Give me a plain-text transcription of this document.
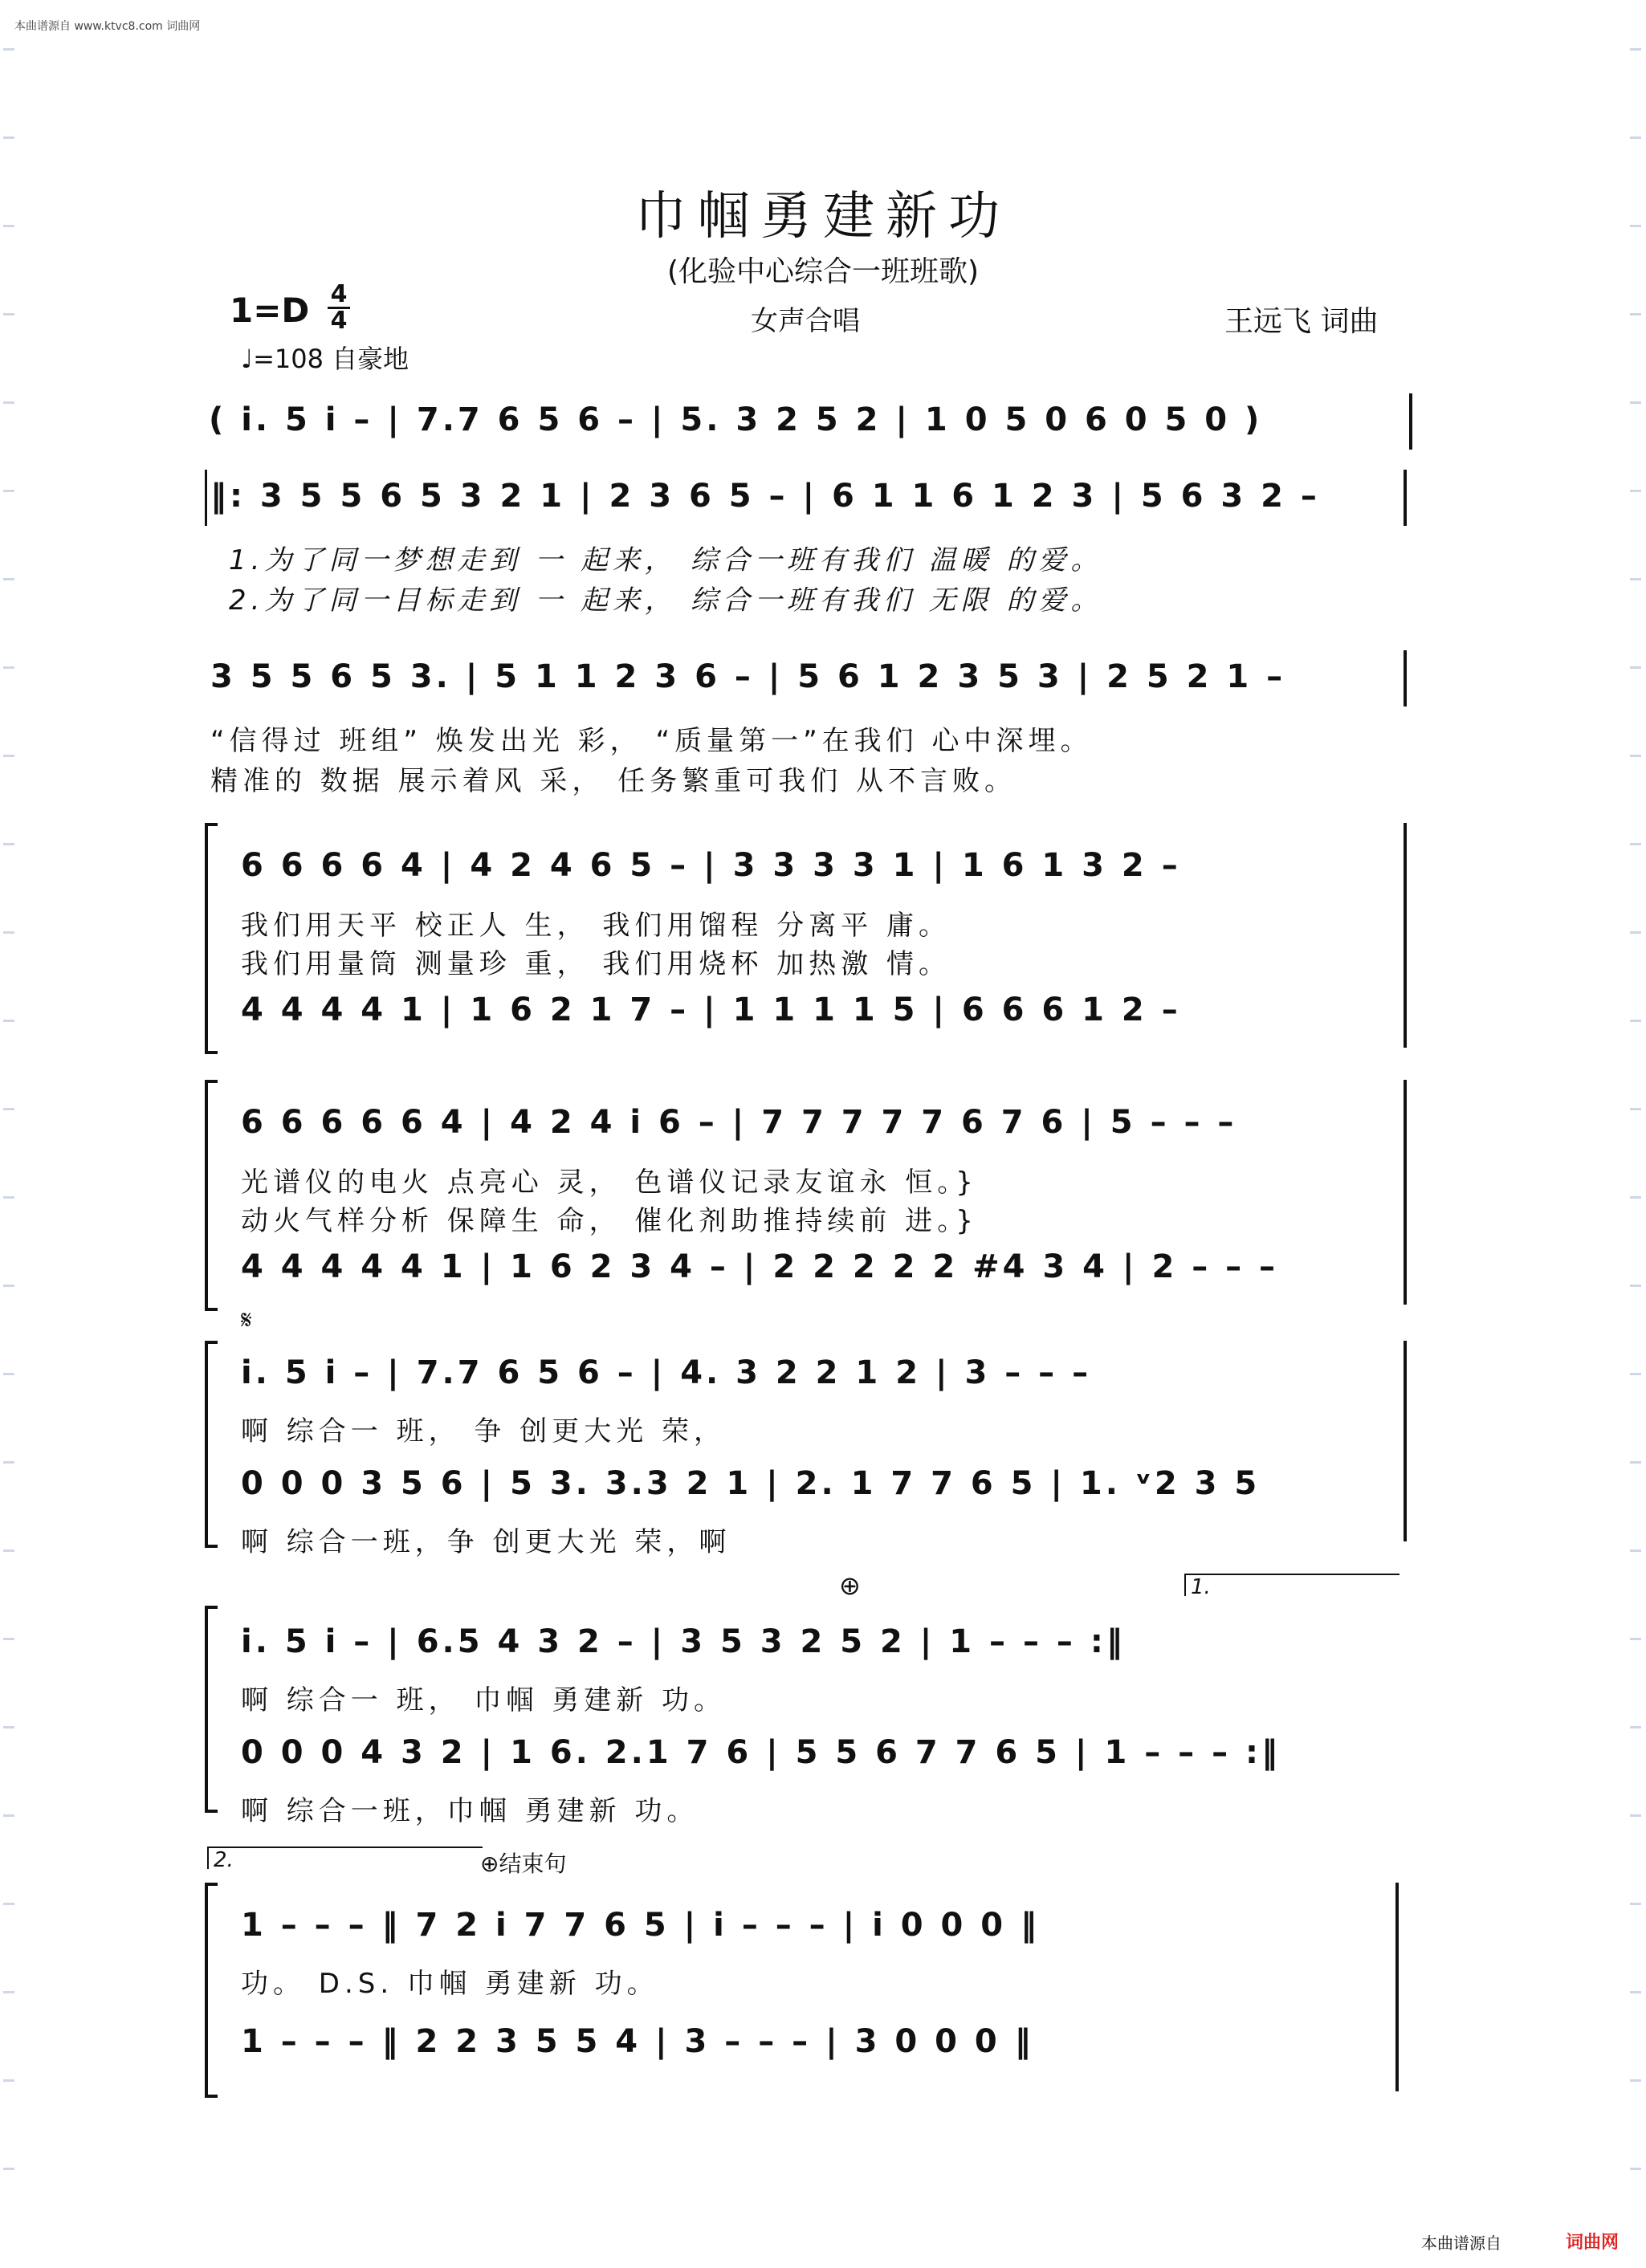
本曲谱源自 www.ktvc8.com 词曲网
巾帼勇建新功
(化验中心综合一班班歌)
1=D 4
4
♩=108 自豪地
女声合唱	王远飞 词曲
( i. 5 i – | 7.7 6 5 6 – | 5. 3 2 5 2 | 1 0 5 0 6 0 5 0 )
‖: 3 5 5 6 5 3 2 1 | 2 3 6 5 – | 6 1 1 6 1 2 3 | 5 6 3 2 –
1.为了同一梦想走到 一 起来， 综合一班有我们 温暖 的爱。
2.为了同一目标走到 一 起来， 综合一班有我们 无限 的爱。
3 5 5 6 5 3. | 5 1 1 2 3 6 – | 5 6 1 2 3 5 3 | 2 5 2 1 –
“信得过 班组” 焕发出光 彩， “质量第一”在我们 心中深埋。
精准的 数据 展示着风 采， 任务繁重可我们 从不言败。
6 6 6 6 4 | 4 2 4 6 5 – | 3 3 3 3 1 | 1 6 1 3 2 –
我们用天平 校正人 生， 我们用馏程 分离平 庸。
我们用量筒 测量珍 重， 我们用烧杯 加热激 情。
4 4 4 4 1 | 1 6 2 1 7 – | 1 1 1 1 5 | 6 6 6 1 2 –
6 6 6 6 6 4 | 4 2 4 i 6 – | 7 7 7 7 7 6 7 6 | 5 – – –
光谱仪的电火 点亮心 灵， 色谱仪记录友谊永 恒。}
动火气样分析 保障生 命， 催化剂助推持续前 进。}
4 4 4 4 4 1 | 1 6 2 3 4 – | 2 2 2 2 2 #4 3 4 | 2 – – –
𝄋
i. 5 i – | 7.7 6 5 6 – | 4. 3 2 2 1 2 | 3 – – –
啊 综合一 班， 争 创更大光 荣，
0 0 0 3 5 6 | 5 3. 3.3 2 1 | 2. 1 7 7 6 5 | 1. ᵛ2 3 5
啊 综合一班，争 创更大光 荣，啊
⊕	1.
i. 5 i – | 6.5 4 3 2 – | 3 5 3 2 5 2 | 1 – – – :‖
啊 综合一 班， 巾帼 勇建新 功。
0 0 0 4 3 2 | 1 6. 2.1 7 6 | 5 5 6 7 7 6 5 | 1 – – – :‖
啊 综合一班，巾帼 勇建新 功。
2.	⊕结束句
1 – – – ‖ 7 2 i 7 7 6 5 | i – – – | i 0 0 0 ‖
功。 D.S. 巾帼 勇建新 功。
1 – – – ‖ 2 2 3 5 5 4 | 3 – – – | 3 0 0 0 ‖
本曲谱源自	词曲网
